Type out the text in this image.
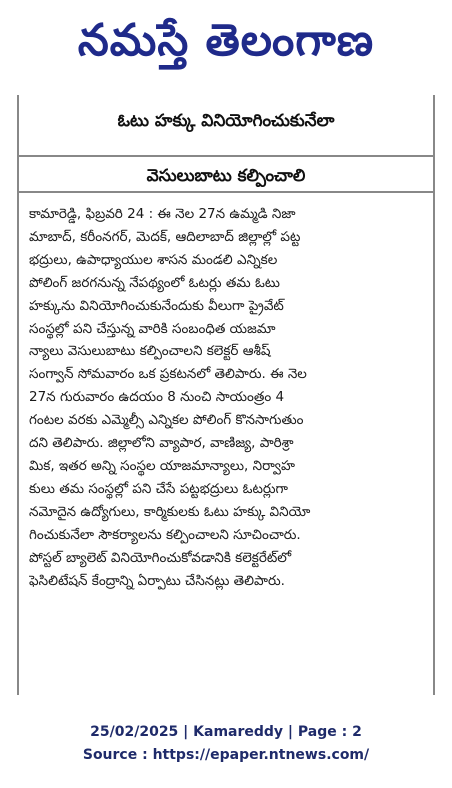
నమస్తే తెలంగాణ
ఓటు హక్కు వినియోగించుకునేలా
వెసులుబాటు కల్పించాలి
కామారెడ్డి, ఫిబ్రవరి 24 : ఈ నెల 27న ఉమ్మడి నిజా
మాబాద్, కరీంనగర్, మెదక్, ఆదిలాబాద్ జిల్లాల్లో పట్ట
భద్రులు, ఉపాధ్యాయుల శాసన మండలి ఎన్నికల
పోలింగ్ జరగనున్న నేపథ్యంలో ఓటర్లు తమ ఓటు
హక్కును వినియోగించుకునేందుకు వీలుగా ప్రైవేట్
సంస్థల్లో పని చేస్తున్న వారికి సంబంధిత యజమా
న్యాలు వెసులుబాటు కల్పించాలని కలెక్టర్ ఆశీష్
సంగ్వాన్ సోమవారం ఒక ప్రకటనలో తెలిపారు. ఈ నెల
27న గురువారం ఉదయం 8 నుంచి సాయంత్రం 4
గంటల వరకు ఎమ్మెల్సీ ఎన్నికల పోలింగ్ కొనసాగుతుం
దని తెలిపారు. జిల్లాలోని వ్యాపార, వాణిజ్య, పారిశ్రా
మిక, ఇతర అన్ని సంస్థల యాజమాన్యాలు, నిర్వాహ
కులు తమ సంస్థల్లో పని చేసే పట్టభద్రులు ఓటర్లుగా
నమోదైన ఉద్యోగులు, కార్మికులకు ఓటు హక్కు వినియో
గించుకునేలా సౌకర్యాలను కల్పించాలని సూచించారు.
పోస్టల్ బ్యాలెట్ వినియోగించుకోవడానికి కలెక్టరేట్‌లో
ఫెసిలిటేషన్ కేంద్రాన్ని ఏర్పాటు చేసినట్లు తెలిపారు.
25/02/2025 | Kamareddy | Page : 2
Source : https://epaper.ntnews.com/
